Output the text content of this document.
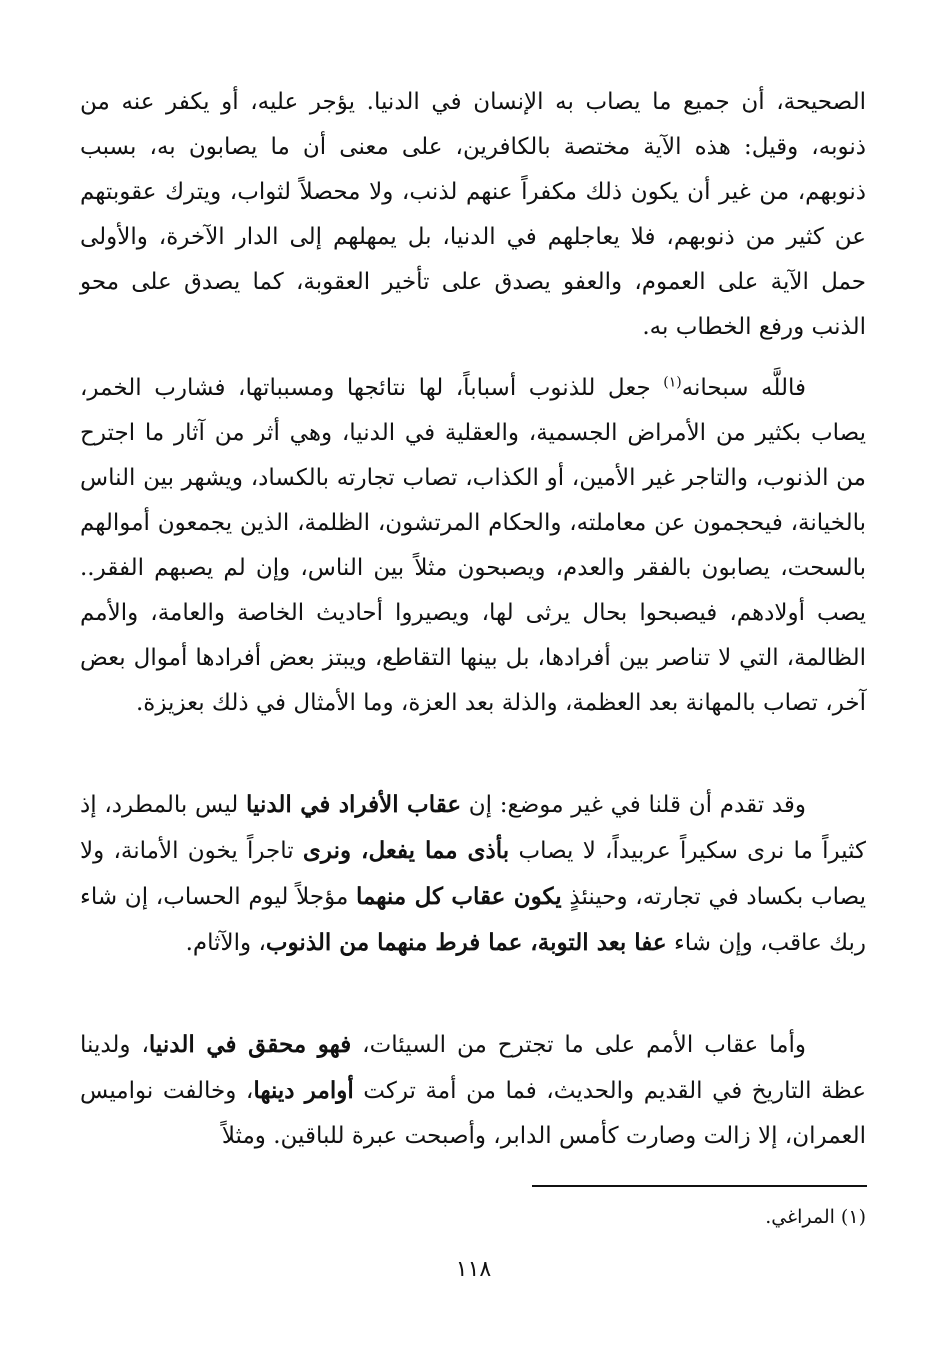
الصحيحة، أن جميع ما يصاب به الإنسان في الدنيا. يؤجر عليه، أو يكفر عنه من ذنوبه، وقيل: هذه الآية مختصة بالكافرين، على معنى أن ما يصابون به، بسبب ذنوبهم، من غير أن يكون ذلك مكفراً عنهم لذنب، ولا محصلاً لثواب، ويترك عقوبتهم عن كثير من ذنوبهم، فلا يعاجلهم في الدنيا، بل يمهلهم إلى الدار الآخرة، والأولى حمل الآية على العموم، والعفو يصدق على تأخير العقوبة، كما يصدق على محو الذنب ورفع الخطاب به.

فاللَّه سبحانه$^{(١)}$ جعل للذنوب أسباباً، لها نتائجها ومسبباتها، فشارب الخمر، يصاب بكثير من الأمراض الجسمية، والعقلية في الدنيا، وهي أثر من آثار ما اجترح من الذنوب، والتاجر غير الأمين، أو الكذاب، تصاب تجارته بالكساد، ويشهر بين الناس بالخيانة، فيحجمون عن معاملته، والحكام المرتشون، الظلمة، الذين يجمعون أموالهم بالسحت، يصابون بالفقر والعدم، ويصبحون مثلاً بين الناس، وإن لم يصبهم الفقر.. يصب أولادهم، فيصبحوا بحال يرثى لها، ويصيروا أحاديث الخاصة والعامة، والأمم الظالمة، التي لا تناصر بين أفرادها، بل بينها التقاطع، ويبتز بعض أفرادها أموال بعض آخر، تصاب بالمهانة بعد العظمة، والذلة بعد العزة، وما الأمثال في ذلك بعزيزة.

وقد تقدم أن قلنا في غير موضع: إن عقاب الأفراد في الدنيا ليس بالمطرد، إذ كثيراً ما نرى سكيراً عربيداً، لا يصاب بأذى مما يفعل، ونرى تاجراً يخون الأمانة، ولا يصاب بكساد في تجارته، وحينئذٍ يكون عقاب كل منهما مؤجلاً ليوم الحساب، إن شاء ربك عاقب، وإن شاء عفا بعد التوبة، عما فرط منهما من الذنوب، والآثام.

وأما عقاب الأمم على ما تجترح من السيئات، فهو محقق في الدنيا، ولدينا عظة التاريخ في القديم والحديث، فما من أمة تركت أوامر دينها، وخالفت نواميس العمران، إلا زالت وصارت كأمس الدابر، وأصبحت عبرة للباقين. ومثلاً

(١) المراغي.

١١٨
